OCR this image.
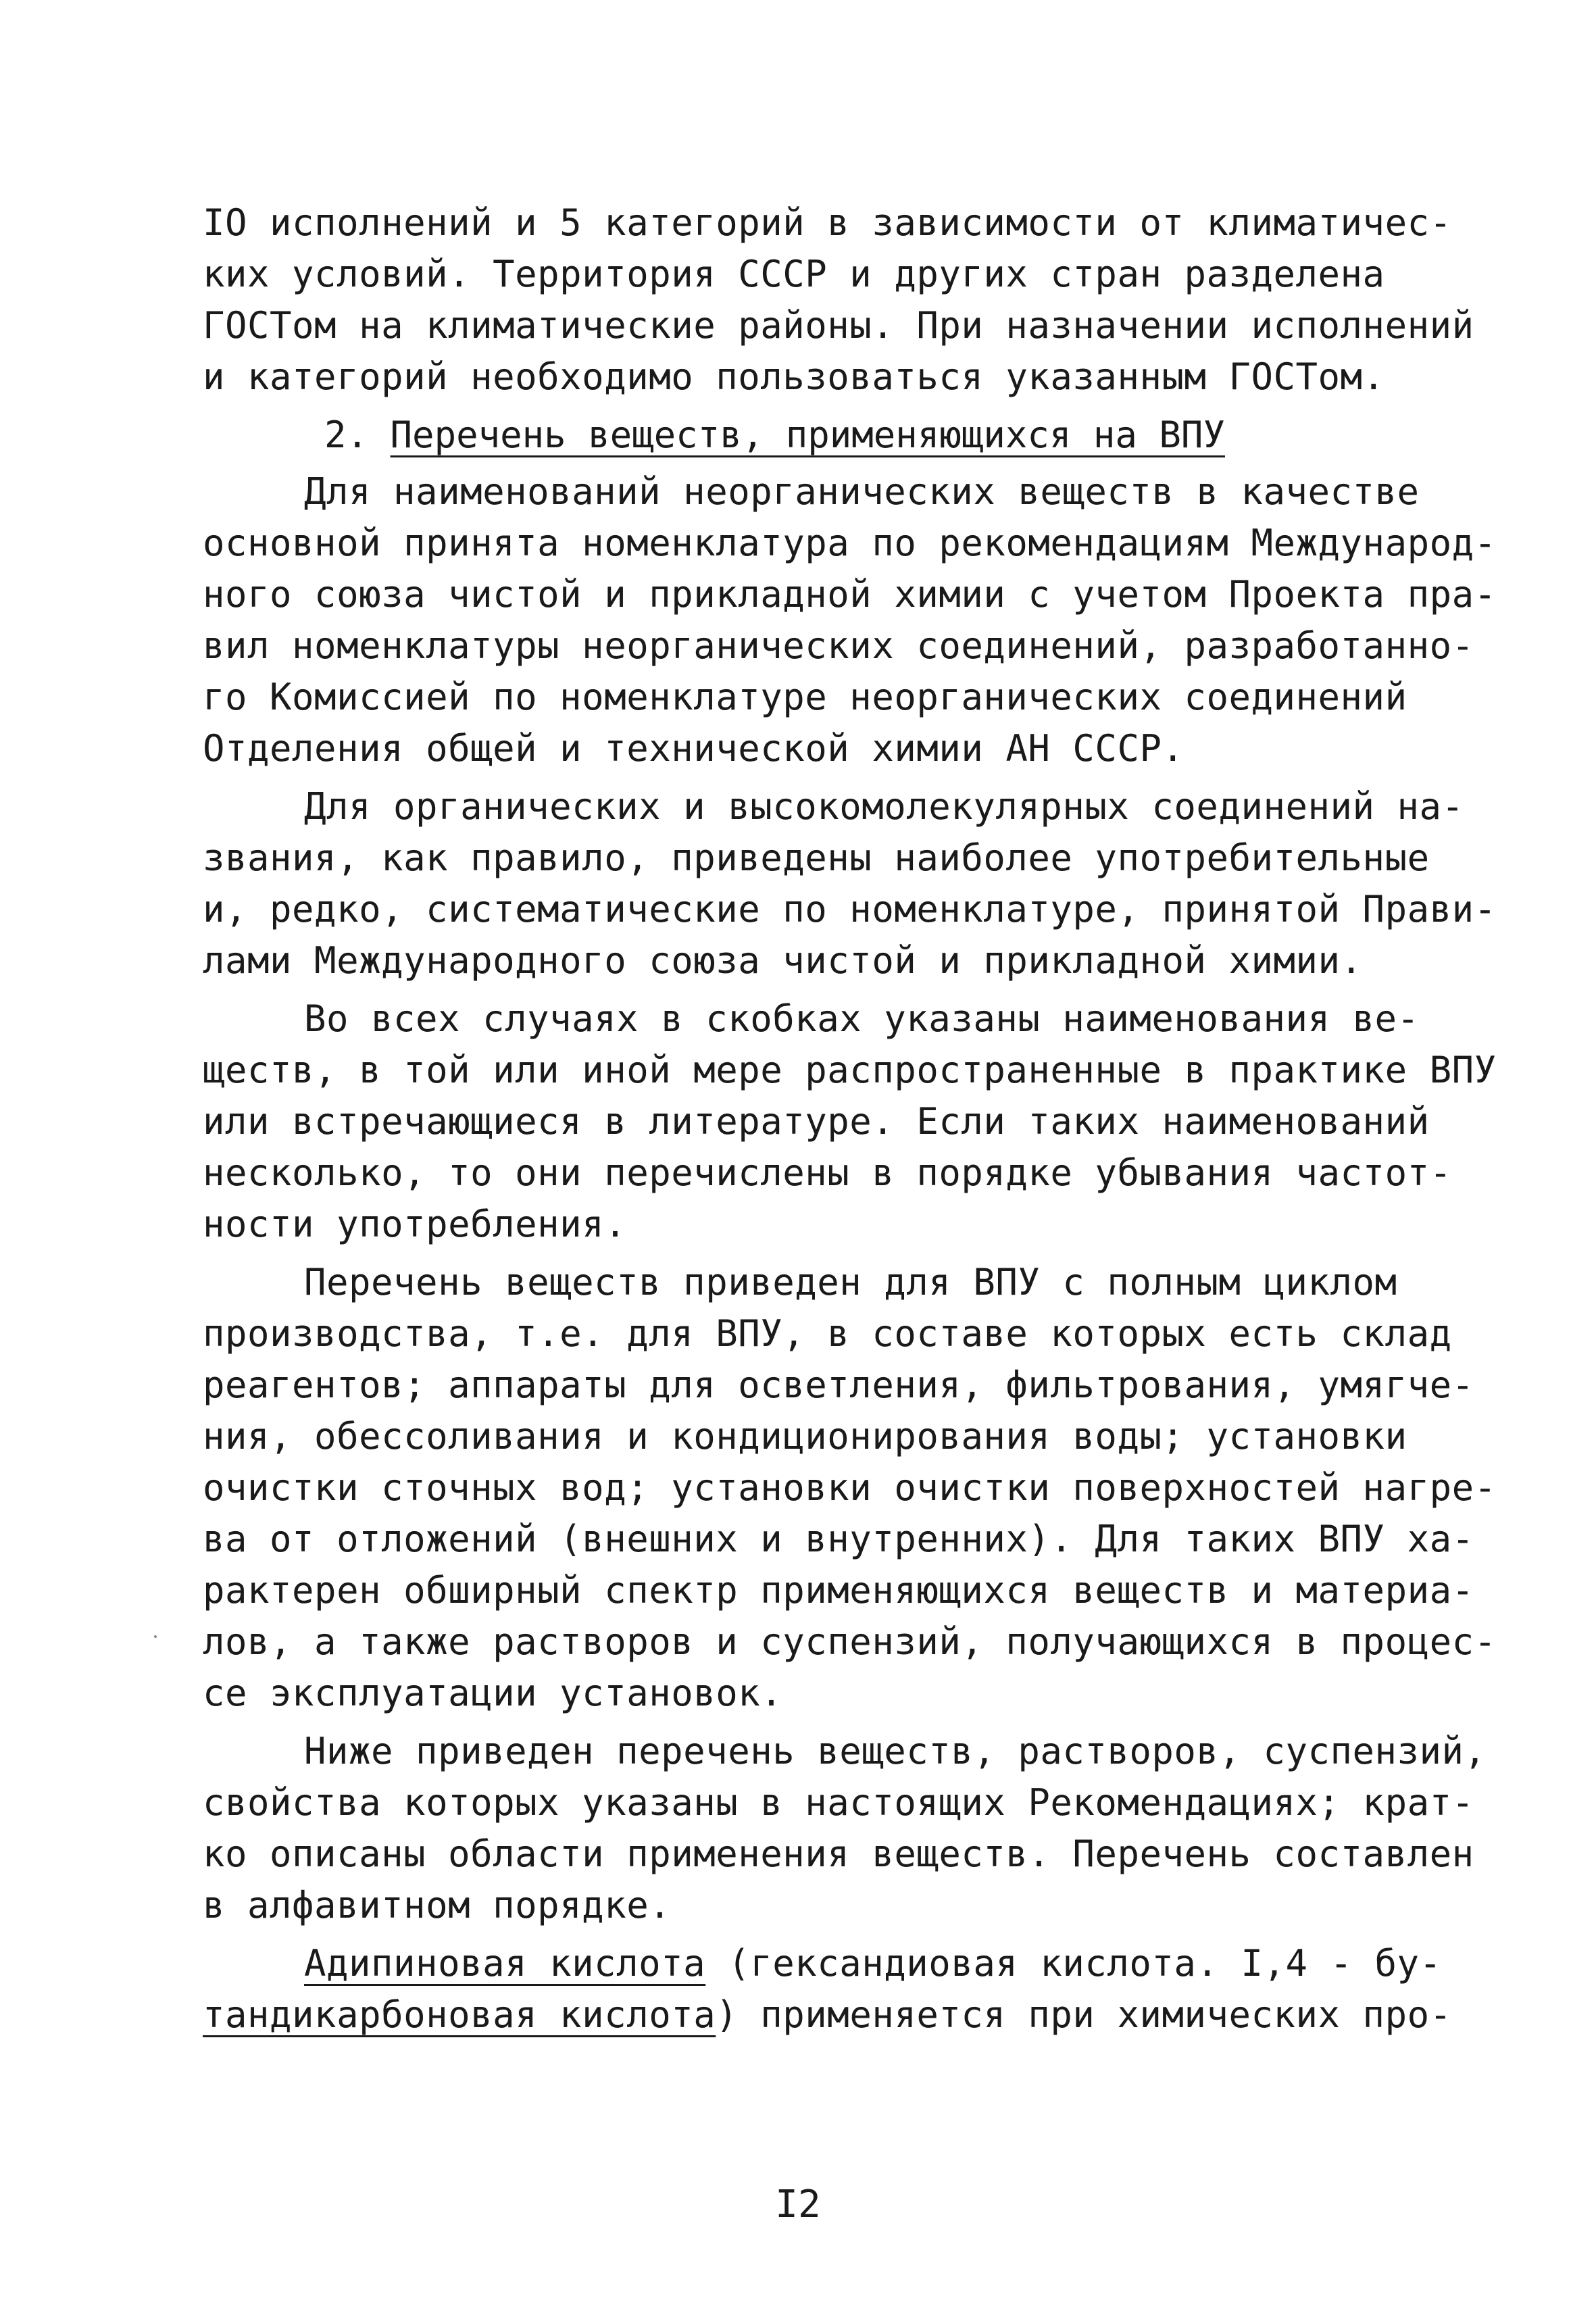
IO исполнений и 5 категорий в зависимости от климатичес-
ких условий. Территория СССР и других стран разделена
ГОСТом на климатические районы. При назначении исполнений
и категорий необходимо пользоваться указанным ГОСТом.
2. Перечень веществ, применяющихся на ВПУ
Для наименований неорганических веществ в качестве
основной принята номенклатура по рекомендациям Международ-
ного союза чистой и прикладной химии с учетом Проекта пра-
вил номенклатуры неорганических соединений, разработанно-
го Комиссией по номенклатуре неорганических соединений
Отделения общей и технической химии АН СССР.
Для органических и высокомолекулярных соединений на-
звания, как правило, приведены наиболее употребительные
и, редко, систематические по номенклатуре, принятой Прави-
лами Международного союза чистой и прикладной химии.
Во всех случаях в скобках указаны наименования ве-
ществ, в той или иной мере распространенные в практике ВПУ
или встречающиеся в литературе. Если таких наименований
несколько, то они перечислены в порядке убывания частот-
ности употребления.
Перечень веществ приведен для ВПУ с полным циклом
производства, т.е. для ВПУ, в составе которых есть склад
реагентов; аппараты для осветления, фильтрования, умягче-
ния, обессоливания и кондиционирования воды; установки
очистки сточных вод; установки очистки поверхностей нагре-
ва от отложений (внешних и внутренних). Для таких ВПУ ха-
рактерен обширный спектр применяющихся веществ и материа-
лов, а также растворов и суспензий, получающихся в процес-
се эксплуатации установок.
Ниже приведен перечень веществ, растворов, суспензий,
свойства которых указаны в настоящих Рекомендациях; крат-
ко описаны области применения веществ. Перечень составлен
в алфавитном порядке.
Адипиновая кислота (гександиовая кислота. I,4 - бу-
тандикарбоновая кислота) применяется при химических про-
I2
